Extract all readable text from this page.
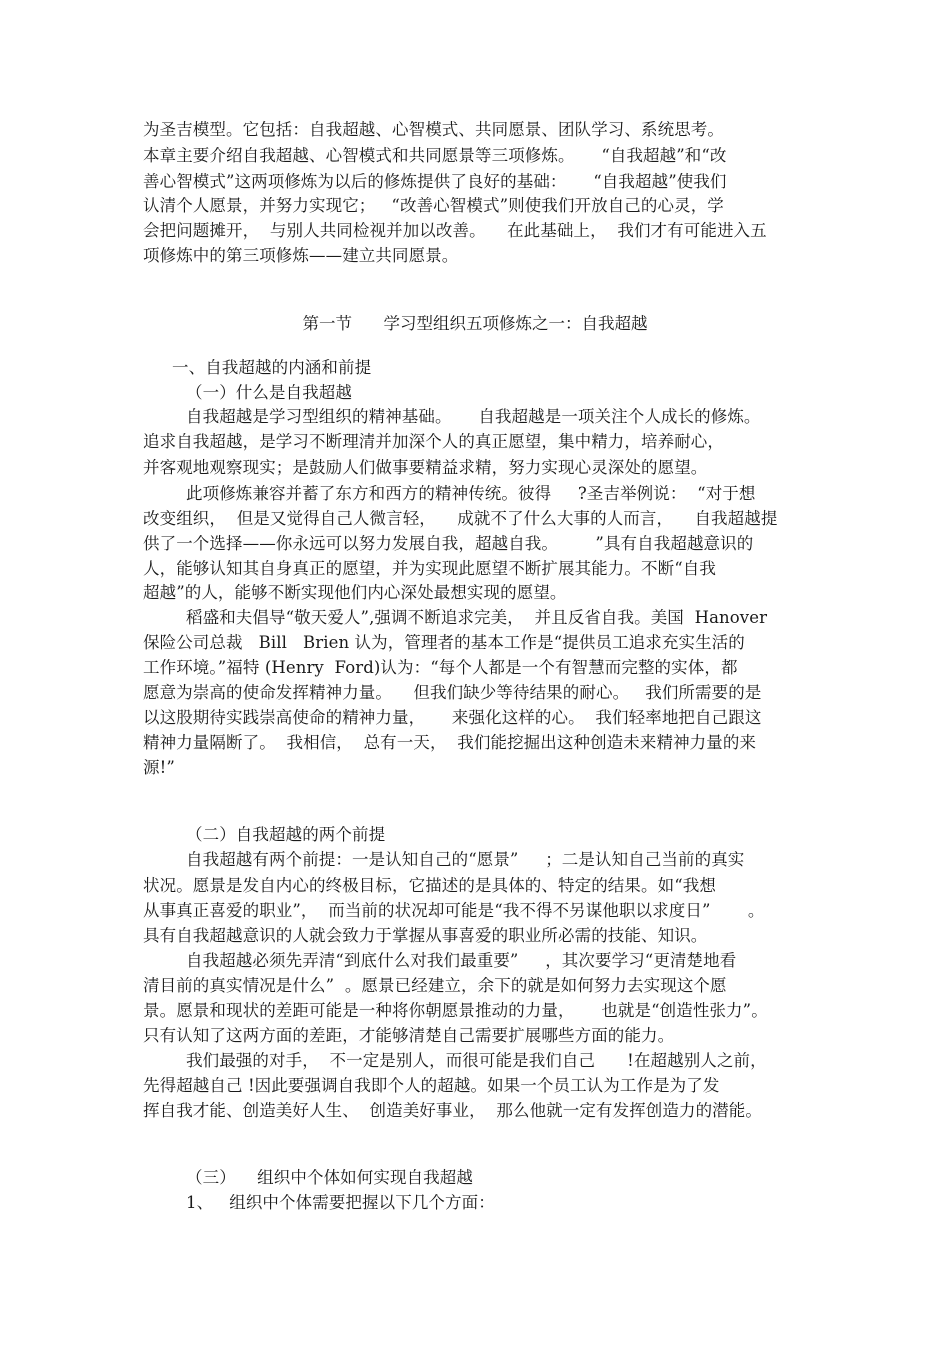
为圣吉模型。它包括：自我超越、心智模式、共同愿景、团队学习、系统思考。
本章主要介绍自我超越、心智模式和共同愿景等三项修炼。     “自我超越”和“改
善心智模式”这两项修炼为以后的修炼提供了良好的基础：     “自我超越”使我们
认清个人愿景，并努力实现它；   “改善心智模式”则使我们开放自己的心灵，学
会把问题摊开，  与别人共同检视并加以改善。    在此基础上，  我们才有可能进入五
项修炼中的第三项修炼——建立共同愿景。
第一节      学习型组织五项修炼之一：自我超越
一、自我超越的内涵和前提
（一）什么是自我超越
自我超越是学习型组织的精神基础。     自我超越是一项关注个人成长的修炼。
追求自我超越，是学习不断理清并加深个人的真正愿望，集中精力，培养耐心，
并客观地观察现实；是鼓励人们做事要精益求精，努力实现心灵深处的愿望。
此项修炼兼容并蓄了东方和西方的精神传统。彼得     ?圣吉举例说：  “对于想
改变组织，  但是又觉得自己人微言轻，    成就不了什么大事的人而言，    自我超越提
供了一个选择——你永远可以努力发展自我，超越自我。       ”具有自我超越意识的
人，能够认知其自身真正的愿望，并为实现此愿望不断扩展其能力。不断“自我
超越”的人，能够不断实现他们内心深处最想实现的愿望。
稻盛和夫倡导“敬天爱人”,强调不断追求完美，  并且反省自我。美国  Hanover
保险公司总裁   Bill   Brien 认为，管理者的基本工作是“提供员工追求充实生活的
工作环境。”福特 (Henry  Ford)认为：“每个人都是一个有智慧而完整的实体，都
愿意为崇高的使命发挥精神力量。    但我们缺少等待结果的耐心。   我们所需要的是
以这股期待实践崇高使命的精神力量，     来强化这样的心。  我们轻率地把自己跟这
精神力量隔断了。  我相信，  总有一天，  我们能挖掘出这种创造未来精神力量的来
源!”
（二）自我超越的两个前提
自我超越有两个前提：一是认知自己的“愿景”     ；二是认知自己当前的真实
状况。愿景是发自内心的终极目标，它描述的是具体的、特定的结果。如“我想
从事真正喜爱的职业”，  而当前的状况却可能是“我不得不另谋他职以求度日”       。
具有自我超越意识的人就会致力于掌握从事喜爱的职业所必需的技能、知识。
自我超越必须先弄清“到底什么对我们最重要”     ，其次要学习“更清楚地看
清目前的真实情况是什么”  。愿景已经建立，余下的就是如何努力去实现这个愿
景。愿景和现状的差距可能是一种将你朝愿景推动的力量，     也就是“创造性张力”。
只有认知了这两方面的差距，才能够清楚自己需要扩展哪些方面的能力。
我们最强的对手，  不一定是别人，而很可能是我们自己      !在超越别人之前，
先得超越自己 !因此要强调自我即个人的超越。如果一个员工认为工作是为了发
挥自我才能、创造美好人生、  创造美好事业，  那么他就一定有发挥创造力的潜能。
（三）    组织中个体如何实现自我超越
1、   组织中个体需要把握以下几个方面：
